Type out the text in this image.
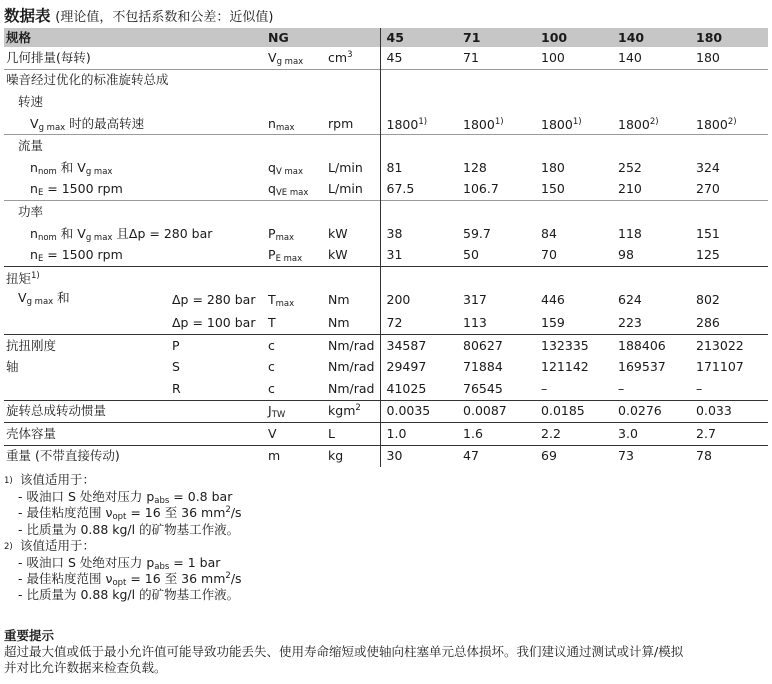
数据表 (理论值，不包括系数和公差：近似值)
规格		NG		45	71	100	140	180
几何排量(每转)		$V_{g max}$	$cm^3$	45	71	100	140	180
噪音经过优化的标准旋转总成								
转速								
$V_{g max}$ 时的最高转速		$n_{max}$	rpm	1800$^{1)}$	1800$^{1)}$	1800$^{1)}$	1800$^{2)}$	1800$^{2)}$
流量								
$n_{nom}$ 和 $V_{g max}$		$q_{V max}$	L/min	81	128	180	252	324
$n_E = 1500$ rpm		$q_{VE max}$	L/min	67.5	106.7	150	210	270
功率								
$n_{nom}$ 和 $V_{g max}$ 且Δp = 280 bar		$P_{max}$	kW	38	59.7	84	118	151
$n_E = 1500$ rpm		$P_{E max}$	kW	31	50	70	98	125
扭矩$^{1)}$	
$V_{g max}$ 和	Δp = 280 bar	$T_{max}$	Nm	200	317	446	624	802
	Δp = 100 bar	T	Nm	72	113	159	223	286
抗扭刚度	P	c	Nm/rad	34587	80627	132335	188406	213022
轴	S	c	Nm/rad	29497	71884	121142	169537	171107
	R	c	Nm/rad	41025	76545	–	–	–
旋转总成转动惯量		$J_{TW}$	kgm$^2$	0.0035	0.0087	0.0185	0.0276	0.033
壳体容量		V	L	1.0	1.6	2.2	3.0	2.7
重量 (不带直接传动)		m	kg	30	47	69	73	78
1) 该值适用于：
- 吸油口 S 处绝对压力 $p_{abs} = 0.8$ bar
- 最佳粘度范围 $\nu_{opt} = 16$ 至 36 $mm^2/s$
- 比质量为 0.88 kg/l 的矿物基工作液。
2) 该值适用于：
- 吸油口 S 处绝对压力 $p_{abs} = 1$ bar
- 最佳粘度范围 $\nu_{opt} = 16$ 至 36 $mm^2/s$
- 比质量为 0.88 kg/l 的矿物基工作液。
重要提示
超过最大值或低于最小允许值可能导致功能丢失、使用寿命缩短或使轴向柱塞单元总体损坏。我们建议通过测试或计算/模拟
并对比允许数据来检查负载。
